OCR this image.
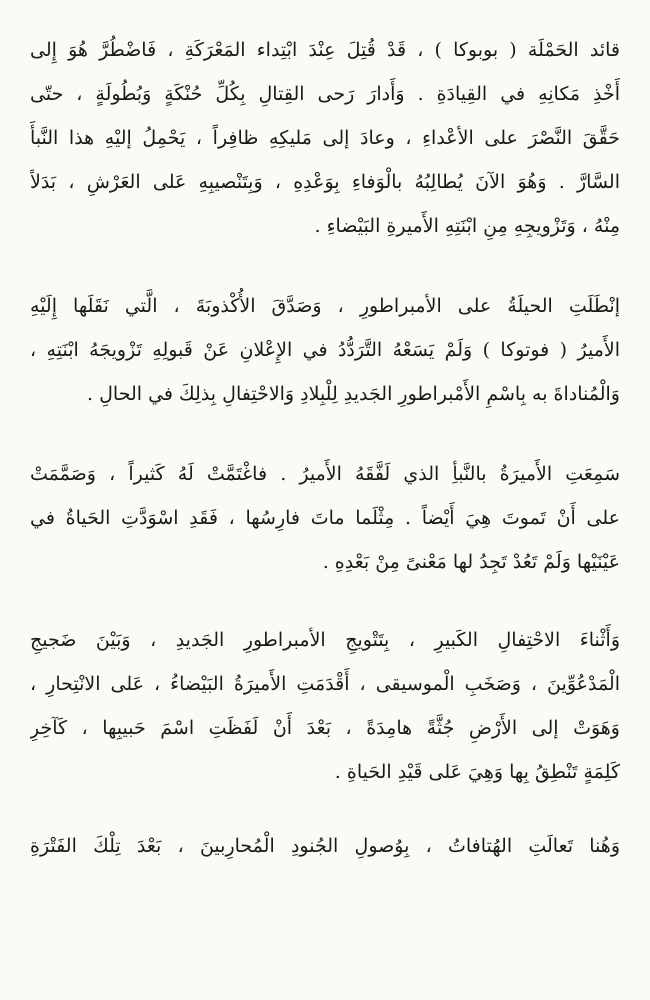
قائد الحَمْلَة ( بوبوكا ) ، قَدْ قُتِلَ عِنْدَ ابْتِداء المَعْرَكَةِ ، فَاضْطُرَّ هُوَ إِلى
أَخْذِ مَكانِهِ في القِيادَةِ . وَأَدارَ رَحى القِتالِ بِكُلِّ حُنْكَةٍ وَبُطُولَةٍ ، حتّى
حَقَّقَ النَّصْرَ على الأعْداءِ ، وعادَ إلى مَليكِهِ ظافِراً ، يَحْمِلُ إليْهِ هذا النَّبأَ
السَّارَّ . وَهُوَ الآنَ يُطالِبُهُ بالْوَفاءِ بِوَعْدِهِ ، وَبِتَنْصيبِهِ عَلى العَرْشِ ، بَدَلاً
مِنْهُ ، وَتَزْويجِهِ مِنِ ابْنَتِهِ الأَميرةِ البَيْضاءِ .
إنْطَلَتِ الحيلَةُ على الأمبراطورِ ، وَصَدَّقَ الأُكْذوبَةَ ، الَّتي نَقَلَها إِلَيْهِ
الأَميرُ ( فوتوكا ) وَلَمْ يَسَعْهُ التَّرَدُّدُ في الإِعْلانِ عَنْ قَبولِهِ تَزْويجَهُ ابْنَتِهِ ،
وَالْمُناداةَ به بِاسْمِ الأَمْبراطورِ الجَديدِ لِلْبِلادِ وَالاحْتِفالِ بِذلِكَ في الحالِ .
سَمِعَتِ الأَميرَةُ بالنَّبأِ الذي لَفَّقَهُ الأَميرُ . فاغْتَمَّتْ لَهُ كَثيراً ، وَصَمَّمَتْ
على أَنْ تَموتَ هِيَ أَيْضاً . مِثْلَما ماتَ فارِسُها ، فَقَدِ اسْوَدَّتِ الحَياةُ في
عَيْنَيْها وَلَمْ تَعُدْ تَجِدُ لها مَعْنىً مِنْ بَعْدِهِ .
وَأَثْناءَ الاحْتِفالِ الكَبيرِ ، بِتَتْويجِ الأمبراطورِ الجَديدِ ، وَبَيْنَ ضَجيجِ
الْمَدْعُوِّينَ ، وَصَخَبِ الْموسيقى ، أَقْدَمَتِ الأَميرَةُ البَيْضاءُ ، عَلى الانْتِحارِ ،
وَهَوَتْ إلى الأَرْضِ جُثَّةً هامِدَةً ، بَعْدَ أَنْ لَفَظَتِ اسْمَ حَبيبِها ، كَآخِرِ
كَلِمَةٍ تَنْطِقُ بِها وَهِيَ عَلى قَيْدِ الحَياةِ .
وَهُنا تَعالَتِ الهُتافاتُ ، بِوُصولِ الجُنودِ الْمُحارِبينَ ، بَعْدَ تِلْكَ الفَتْرَةِ
